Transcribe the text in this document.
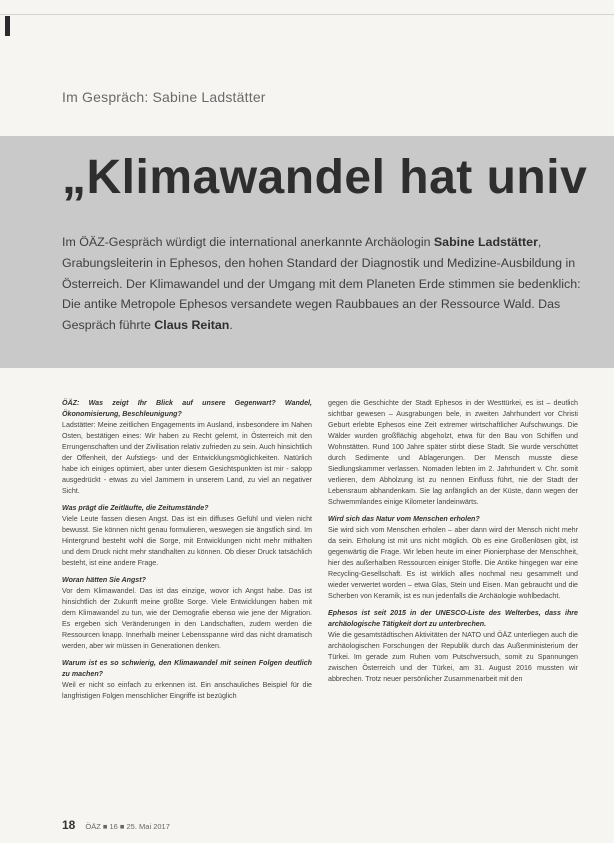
Im Gespräch: Sabine Ladstätter
„Klimawandel hat univ
Im ÖÄZ-Gespräch würdigt die international anerkannte Archäologin Sabine Ladstätter, Grabungsleiterin in Ephesos, den hohen Standard der Diagnostik und Medizine-Ausbildung in Österreich. Der Klimawandel und der Umgang mit dem Planeten Erde stimmen sie bedenklich: Die antike Metropole Ephesos versandete wegen Raubbaues an der Ressource Wald. Das Gespräch führte Claus Reitan.

ÖÄZ: Was zeigt Ihr Blick auf unsere Gegenwart? Wandel, Ökonomisierung, Beschleunigung?
Ladstätter: Meine zeitlichen Engagements im Ausland, insbesondere im Nahen Osten, bestätigen eines: Wir haben zu Recht gelernt, in Österreich mit den Errungenschaften und der Zivilisation relativ zufrieden zu sein. Auch hinsichtlich der Offenheit, der Aufstiegs- und der Entwicklungsmöglichkeiten. Natürlich habe ich einiges optimiert, aber unter diesem Gesichtspunkten ist mir - salopp ausgedrückt - etwas zu viel Jammern in unserem Land, zu viel an negativer Sicht.

Was prägt die Zeitläufte, die Zeitumstände?
Viele Leute fassen diesen Angst. Das ist ein diffuses Gefühl und vielen nicht bewusst. Sie können nicht genau formulieren, weswegen sie ängstlich sind. Im Hintergrund besteht wohl die Sorge, mit Entwicklungen nicht mehr mithalten und dem Druck nicht mehr standhalten zu können. Ob dieser Druck tatsächlich besteht, ist eine andere Frage.

Woran hätten Sie Angst?
Vor dem Klimawandel. Das ist das einzige, wovor ich Angst habe. Das ist hinsichtlich der Zukunft meine größte Sorge. Viele Entwicklungen haben mit dem Klimawandel zu tun, wie der Demografie ebenso wie jene der Migration. Es ergeben sich Veränderungen in den Landschaften, zudem werden die Ressourcen knapp. Innerhalb meiner Lebensspanne wird das nicht dramatisch werden, aber wir müssen in Generationen denken.

Warum ist es so schwierig, den Klimawandel mit seinen Folgen deutlich zu machen?
Weil er nicht so einfach zu erkennen ist. Ein anschauliches Beispiel für die langfristigen Folgen menschlicher Eingriffe ist bezüglich

gegen die Geschichte der Stadt Ephesos in der Westtürkei, es ist – deutlich sichtbar gewesen – Ausgrabungen bele, in zweiten Jahrhundert vor Christi Geburt erlebte Ephesos eine Zeit extremer wirtschaftlicher Aufschwungs. Die Wälder wurden großflächig abgeholzt, etwa für den Bau von Schiffen und Wohnstätten. Rund 100 Jahre später stirbt diese Stadt. Sie wurde verschüttet durch Sedimente und Ablagerungen. Der Mensch musste diese Siedlungskammer verlassen. Nomaden lebten im 2. Jahrhundert v. Chr. somit verlieren, dem Abholzung ist zu nennen Einfluss führt, nie der Stadt der Lebensraum abhandenkam. Sie lag anfänglich an der Küste, dann wegen der Schwemmlandes einige Kilometer landeinwärts.

Wird sich das Natur vom Menschen erholen?
Sie wird sich vom Menschen erholen – aber dann wird der Mensch nicht mehr da sein. Erholung ist mit uns nicht möglich. Ob es eine Großenlösen gibt, ist gegenwärtig die Frage. Wir leben heute im einer Pionierphase der Menschheit, hier des außerhalben Ressourcen einiger Stoffe. Die Antike hingegen war eine Recycling-Gesellschaft. Es ist wirklich alles nochmal neu gesammelt und wieder verwertet worden – etwa Glas, Stein und Eisen. Man gebraucht und die Scherben von Keramik, ist es nun jedenfalls die Archäologie wohlbedacht.

Ephesos ist seit 2015 in der UNESCO-Liste des Welterbes, dass ihre archäologische Tätigkeit dort zu unterbrechen.
Wie die gesamtstädtischen Aktivitäten der NATO und ÖÄZ unterliegen auch die archäologischen Forschungen der Republik durch das Außenministerium der Türkei. Im gerade zum Ruhen vom Putschversuch, somit zu Spannungen zwischen Österreich und der Türkei, am 31. August 2016 mussten wir abbrechen. Trotz neuer persönlicher Zusammenarbeit mit den

18 ÖÄZ ■ 16 ■ 25. Mai 2017
